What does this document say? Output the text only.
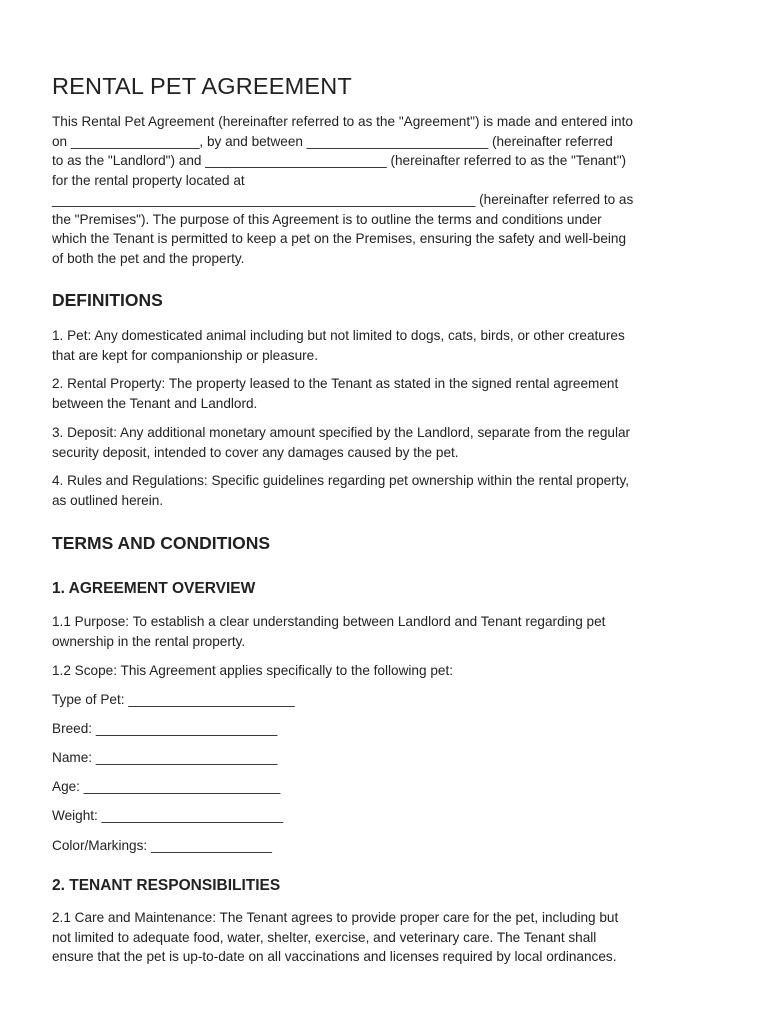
RENTAL PET AGREEMENT

This Rental Pet Agreement (hereinafter referred to as the "Agreement") is made and entered into
on _________________, by and between ________________________ (hereinafter referred
to as the "Landlord") and ________________________ (hereinafter referred to as the "Tenant")
for the rental property located at
________________________________________________________ (hereinafter referred to as
the "Premises"). The purpose of this Agreement is to outline the terms and conditions under
which the Tenant is permitted to keep a pet on the Premises, ensuring the safety and well-being
of both the pet and the property.

DEFINITIONS

1. Pet: Any domesticated animal including but not limited to dogs, cats, birds, or other creatures
that are kept for companionship or pleasure.

2. Rental Property: The property leased to the Tenant as stated in the signed rental agreement
between the Tenant and Landlord.

3. Deposit: Any additional monetary amount specified by the Landlord, separate from the regular
security deposit, intended to cover any damages caused by the pet.

4. Rules and Regulations: Specific guidelines regarding pet ownership within the rental property,
as outlined herein.

TERMS AND CONDITIONS
1. AGREEMENT OVERVIEW

1.1 Purpose: To establish a clear understanding between Landlord and Tenant regarding pet
ownership in the rental property.

1.2 Scope: This Agreement applies specifically to the following pet:

Type of Pet: ______________________

Breed: ________________________

Name: ________________________

Age: __________________________

Weight: ________________________

Color/Markings: ________________

2. TENANT RESPONSIBILITIES

2.1 Care and Maintenance: The Tenant agrees to provide proper care for the pet, including but
not limited to adequate food, water, shelter, exercise, and veterinary care. The Tenant shall
ensure that the pet is up-to-date on all vaccinations and licenses required by local ordinances.
